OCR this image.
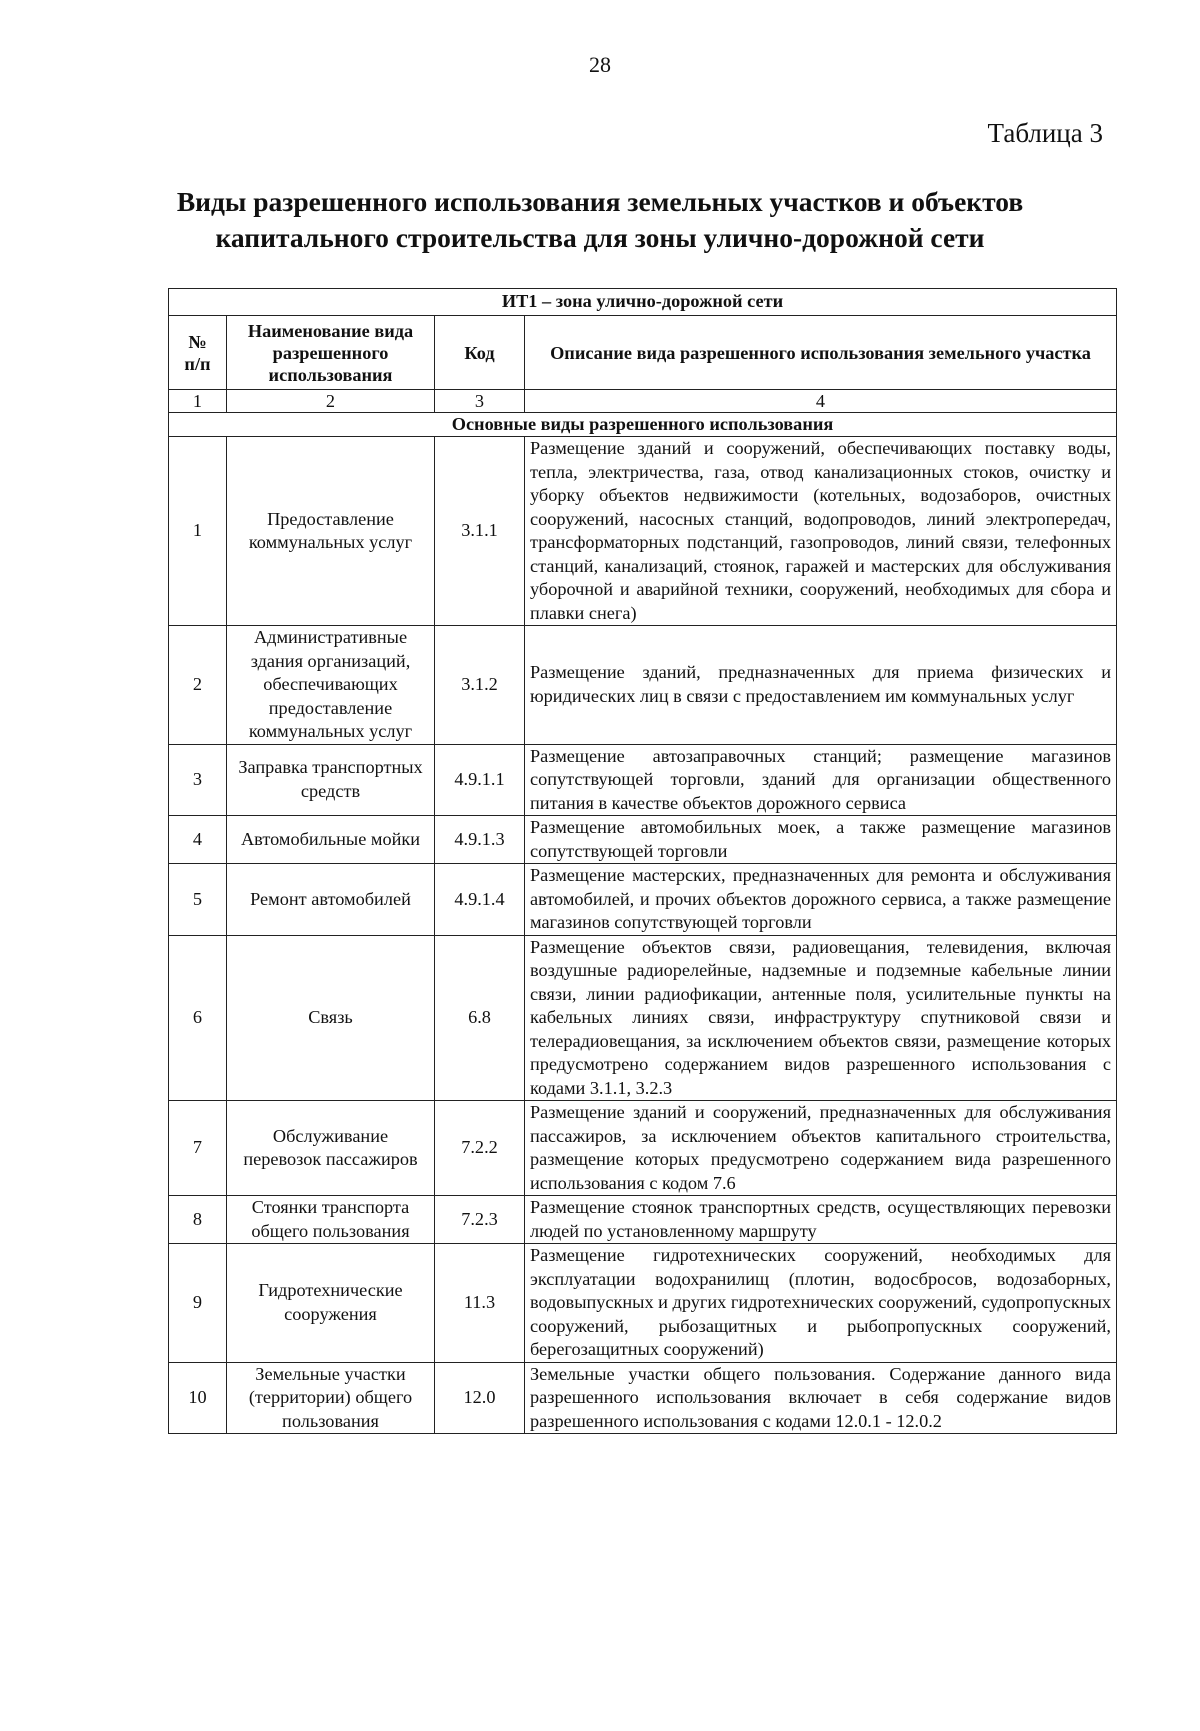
28
Таблица 3
Виды разрешенного использования земельных участков и объектов
капитального строительства для зоны улично-дорожной сети
ИТ1 – зона улично-дорожной сети			

№
п/п	Наименование вида разрешенного использования	Код	Описание вида разрешенного использования земельного участка
1	2	3	4
Основные виды разрешенного использования			
1	Предоставление коммунальных услуг	3.1.1	Размещение зданий и сооружений, обеспечивающих поставку воды, тепла, электричества, газа, отвод канализационных стоков, очистку и уборку объектов недвижимости (котельных, водозаборов, очистных сооружений, насосных станций, водопроводов, линий электропередач, трансформаторных подстанций, газопроводов, линий связи, телефонных станций, канализаций, стоянок, гаражей и мастерских для обслуживания уборочной и аварийной техники, сооружений, необходимых для сбора и плавки снега)
2	Административные здания организаций, обеспечивающих предоставление коммунальных услуг	3.1.2	Размещение зданий, предназначенных для приема физических и юридических лиц в связи с предоставлением им коммунальных услуг
3	Заправка транспортных средств	4.9.1.1	Размещение автозаправочных станций; размещение магазинов сопутствующей торговли, зданий для организации общественного питания в качестве объектов дорожного сервиса
4	Автомобильные мойки	4.9.1.3	Размещение автомобильных моек, а также размещение магазинов сопутствующей торговли
5	Ремонт автомобилей	4.9.1.4	Размещение мастерских, предназначенных для ремонта и обслуживания автомобилей, и прочих объектов дорожного сервиса, а также размещение магазинов сопутствующей торговли
6	Связь	6.8	Размещение объектов связи, радиовещания, телевидения, включая воздушные радиорелейные, надземные и подземные кабельные линии связи, линии радиофикации, антенные поля, усилительные пункты на кабельных линиях связи, инфраструктуру спутниковой связи и телерадиовещания, за исключением объектов связи, размещение которых предусмотрено содержанием видов разрешенного использования с кодами 3.1.1, 3.2.3
7	Обслуживание перевозок пассажиров	7.2.2	Размещение зданий и сооружений, предназначенных для обслуживания пассажиров, за исключением объектов капитального строительства, размещение которых предусмотрено содержанием вида разрешенного использования с кодом 7.6
8	Стоянки транспорта общего пользования	7.2.3	Размещение стоянок транспортных средств, осуществляющих перевозки людей по установленному маршруту
9	Гидротехнические сооружения	11.3	Размещение гидротехнических сооружений, необходимых для эксплуатации водохранилищ (плотин, водосбросов, водозаборных, водовыпускных и других гидротехнических сооружений, судопропускных сооружений, рыбозащитных и рыбопропускных сооружений, берегозащитных сооружений)
10	Земельные участки (территории) общего пользования	12.0	Земельные участки общего пользования. Содержание данного вида разрешенного использования включает в себя содержание видов разрешенного использования с кодами 12.0.1 - 12.0.2
